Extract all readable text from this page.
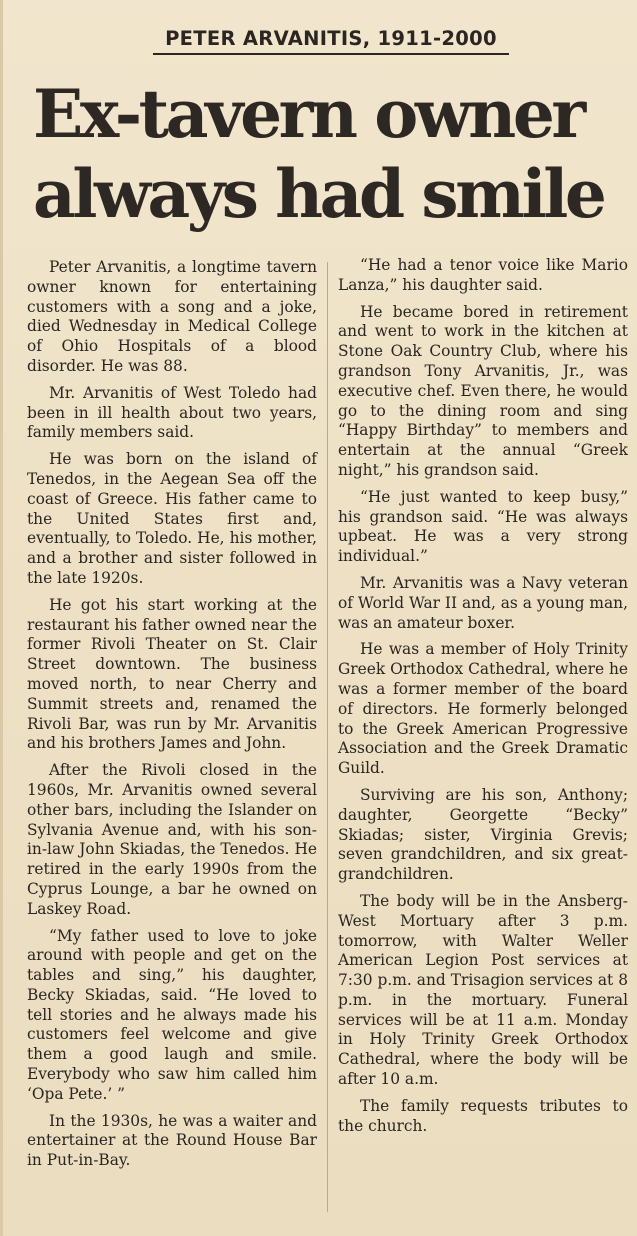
PETER ARVANITIS, 1911-2000
Ex-tavern owner
always had smile

Peter Arvanitis, a longtime tavern owner known for entertaining customers with a song and a joke, died Wednesday in Medical College of Ohio Hospitals of a blood disorder. He was 88.

Mr. Arvanitis of West Toledo had been in ill health about two years, family members said.

He was born on the island of Tenedos, in the Aegean Sea off the coast of Greece. His father came to the United States first and, eventually, to Toledo. He, his mother, and a brother and sister followed in the late 1920s.

He got his start working at the restaurant his father owned near the former Rivoli Theater on St. Clair Street downtown. The business moved north, to near Cherry and Summit streets and, renamed the Rivoli Bar, was run by Mr. Arvanitis and his brothers James and John.

After the Rivoli closed in the 1960s, Mr. Arvanitis owned several other bars, including the Islander on Sylvania Avenue and, with his son-in-law John Skiadas, the Tenedos. He retired in the early 1990s from the Cyprus Lounge, a bar he owned on Laskey Road.

“My father used to love to joke around with people and get on the tables and sing,” his daughter, Becky Skiadas, said. “He loved to tell stories and he always made his customers feel welcome and give them a good laugh and smile. Everybody who saw him called him ‘Opa Pete.’ ”

In the 1930s, he was a waiter and entertainer at the Round House Bar in Put-in-Bay.

“He had a tenor voice like Mario Lanza,” his daughter said.

He became bored in retirement and went to work in the kitchen at Stone Oak Country Club, where his grandson Tony Arvanitis, Jr., was executive chef. Even there, he would go to the dining room and sing “Happy Birthday” to members and entertain at the annual “Greek night,” his grandson said.

“He just wanted to keep busy,” his grandson said. “He was always upbeat. He was a very strong individual.”

Mr. Arvanitis was a Navy veteran of World War II and, as a young man, was an amateur boxer.

He was a member of Holy Trinity Greek Orthodox Cathedral, where he was a former member of the board of directors. He formerly belonged to the Greek American Progressive Association and the Greek Dramatic Guild.

Surviving are his son, Anthony; daughter, Georgette “Becky” Skiadas; sister, Virginia Grevis; seven grandchildren, and six great-grandchildren.

The body will be in the Ansberg-West Mortuary after 3 p.m. tomorrow, with Walter Weller American Legion Post services at 7:30 p.m. and Trisagion services at 8 p.m. in the mortuary. Funeral services will be at 11 a.m. Monday in Holy Trinity Greek Orthodox Cathedral, where the body will be after 10 a.m.

The family requests tributes to the church.
